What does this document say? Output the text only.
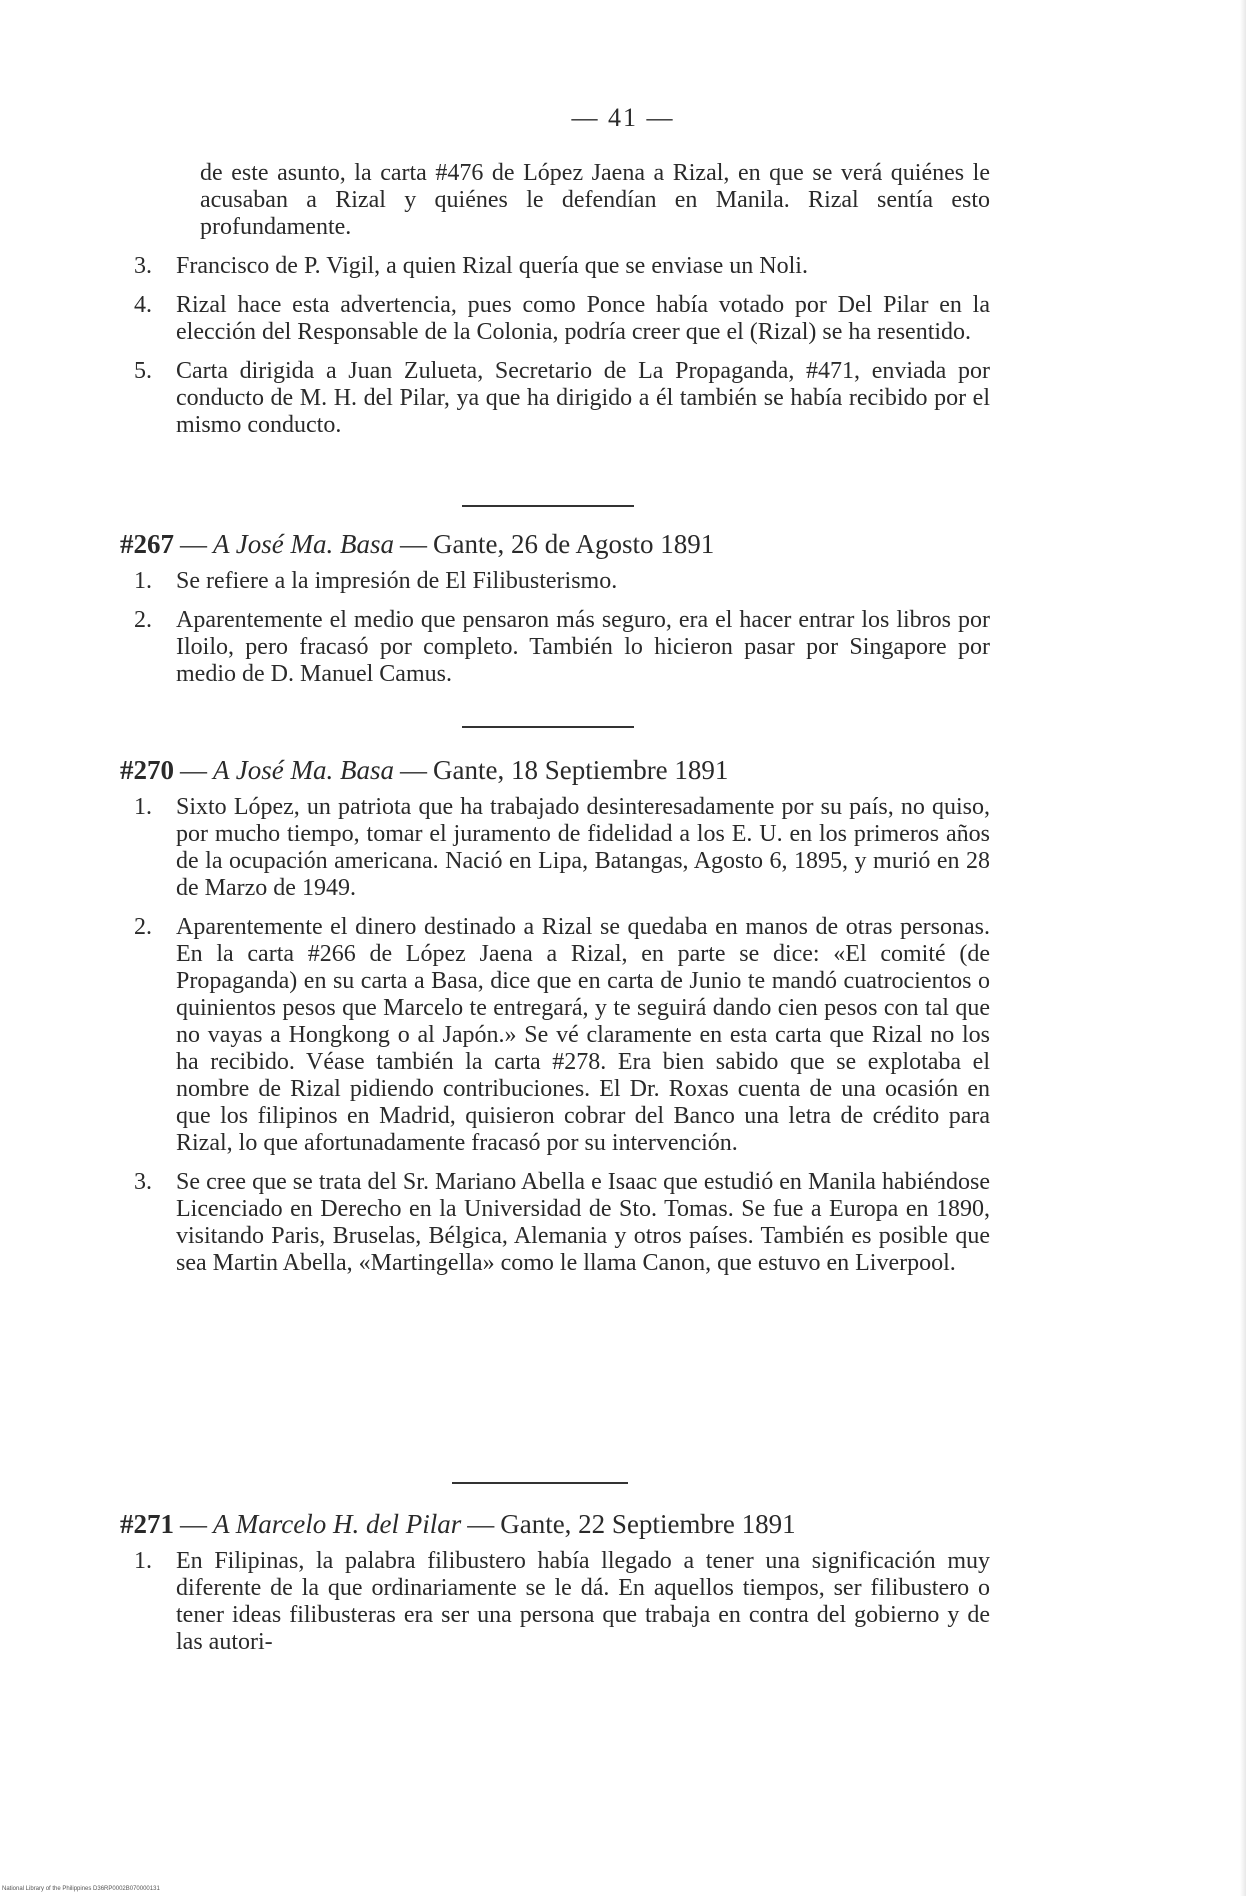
— 41 —
de este asunto, la carta #476 de López Jaena a Rizal, en que se verá quiénes le acusaban a Rizal y quiénes le defendían en Manila. Rizal sentía esto profundamente.
3. Francisco de P. Vigil, a quien Rizal quería que se enviase un Noli.
4. Rizal hace esta advertencia, pues como Ponce había votado por Del Pilar en la elección del Responsable de la Colonia, podría creer que el (Rizal) se ha resentido.
5. Carta dirigida a Juan Zulueta, Secretario de La Propaganda, #471, enviada por conducto de M. H. del Pilar, ya que ha dirigido a él también se había recibido por el mismo conducto.
#267 — A José Ma. Basa — Gante, 26 de Agosto 1891
1. Se refiere a la impresión de El Filibusterismo.
2. Aparentemente el medio que pensaron más seguro, era el hacer entrar los libros por Iloilo, pero fracasó por completo. También lo hicieron pasar por Singapore por medio de D. Manuel Camus.
#270 — A José Ma. Basa — Gante, 18 Septiembre 1891
1. Sixto López, un patriota que ha trabajado desinteresadamente por su país, no quiso, por mucho tiempo, tomar el juramento de fidelidad a los E. U. en los primeros años de la ocupación americana. Nació en Lipa, Batangas, Agosto 6, 1895, y murió en 28 de Marzo de 1949.
2. Aparentemente el dinero destinado a Rizal se quedaba en manos de otras personas. En la carta #266 de López Jaena a Rizal, en parte se dice: «El comité (de Propaganda) en su carta a Basa, dice que en carta de Junio te mandó cuatrocientos o quinientos pesos que Marcelo te entregará, y te seguirá dando cien pesos con tal que no vayas a Hongkong o al Japón.» Se vé claramente en esta carta que Rizal no los ha recibido. Véase también la carta #278. Era bien sabido que se explotaba el nombre de Rizal pidiendo contribuciones. El Dr. Roxas cuenta de una ocasión en que los filipinos en Madrid, quisieron cobrar del Banco una letra de crédito para Rizal, lo que afortunadamente fracasó por su intervención.
3. Se cree que se trata del Sr. Mariano Abella e Isaac que estudió en Manila habiéndose Licenciado en Derecho en la Universidad de Sto. Tomas. Se fue a Europa en 1890, visitando Paris, Bruselas, Bélgica, Alemania y otros países. También es posible que sea Martin Abella, «Martingella» como le llama Canon, que estuvo en Liverpool.
#271 — A Marcelo H. del Pilar — Gante, 22 Septiembre 1891
1. En Filipinas, la palabra filibustero había llegado a tener una significación muy diferente de la que ordinariamente se le dá. En aquellos tiempos, ser filibustero o tener ideas filibusteras era ser una persona que trabaja en contra del gobierno y de las autori-
National Library of the Philippines D36RP0002B070000131
